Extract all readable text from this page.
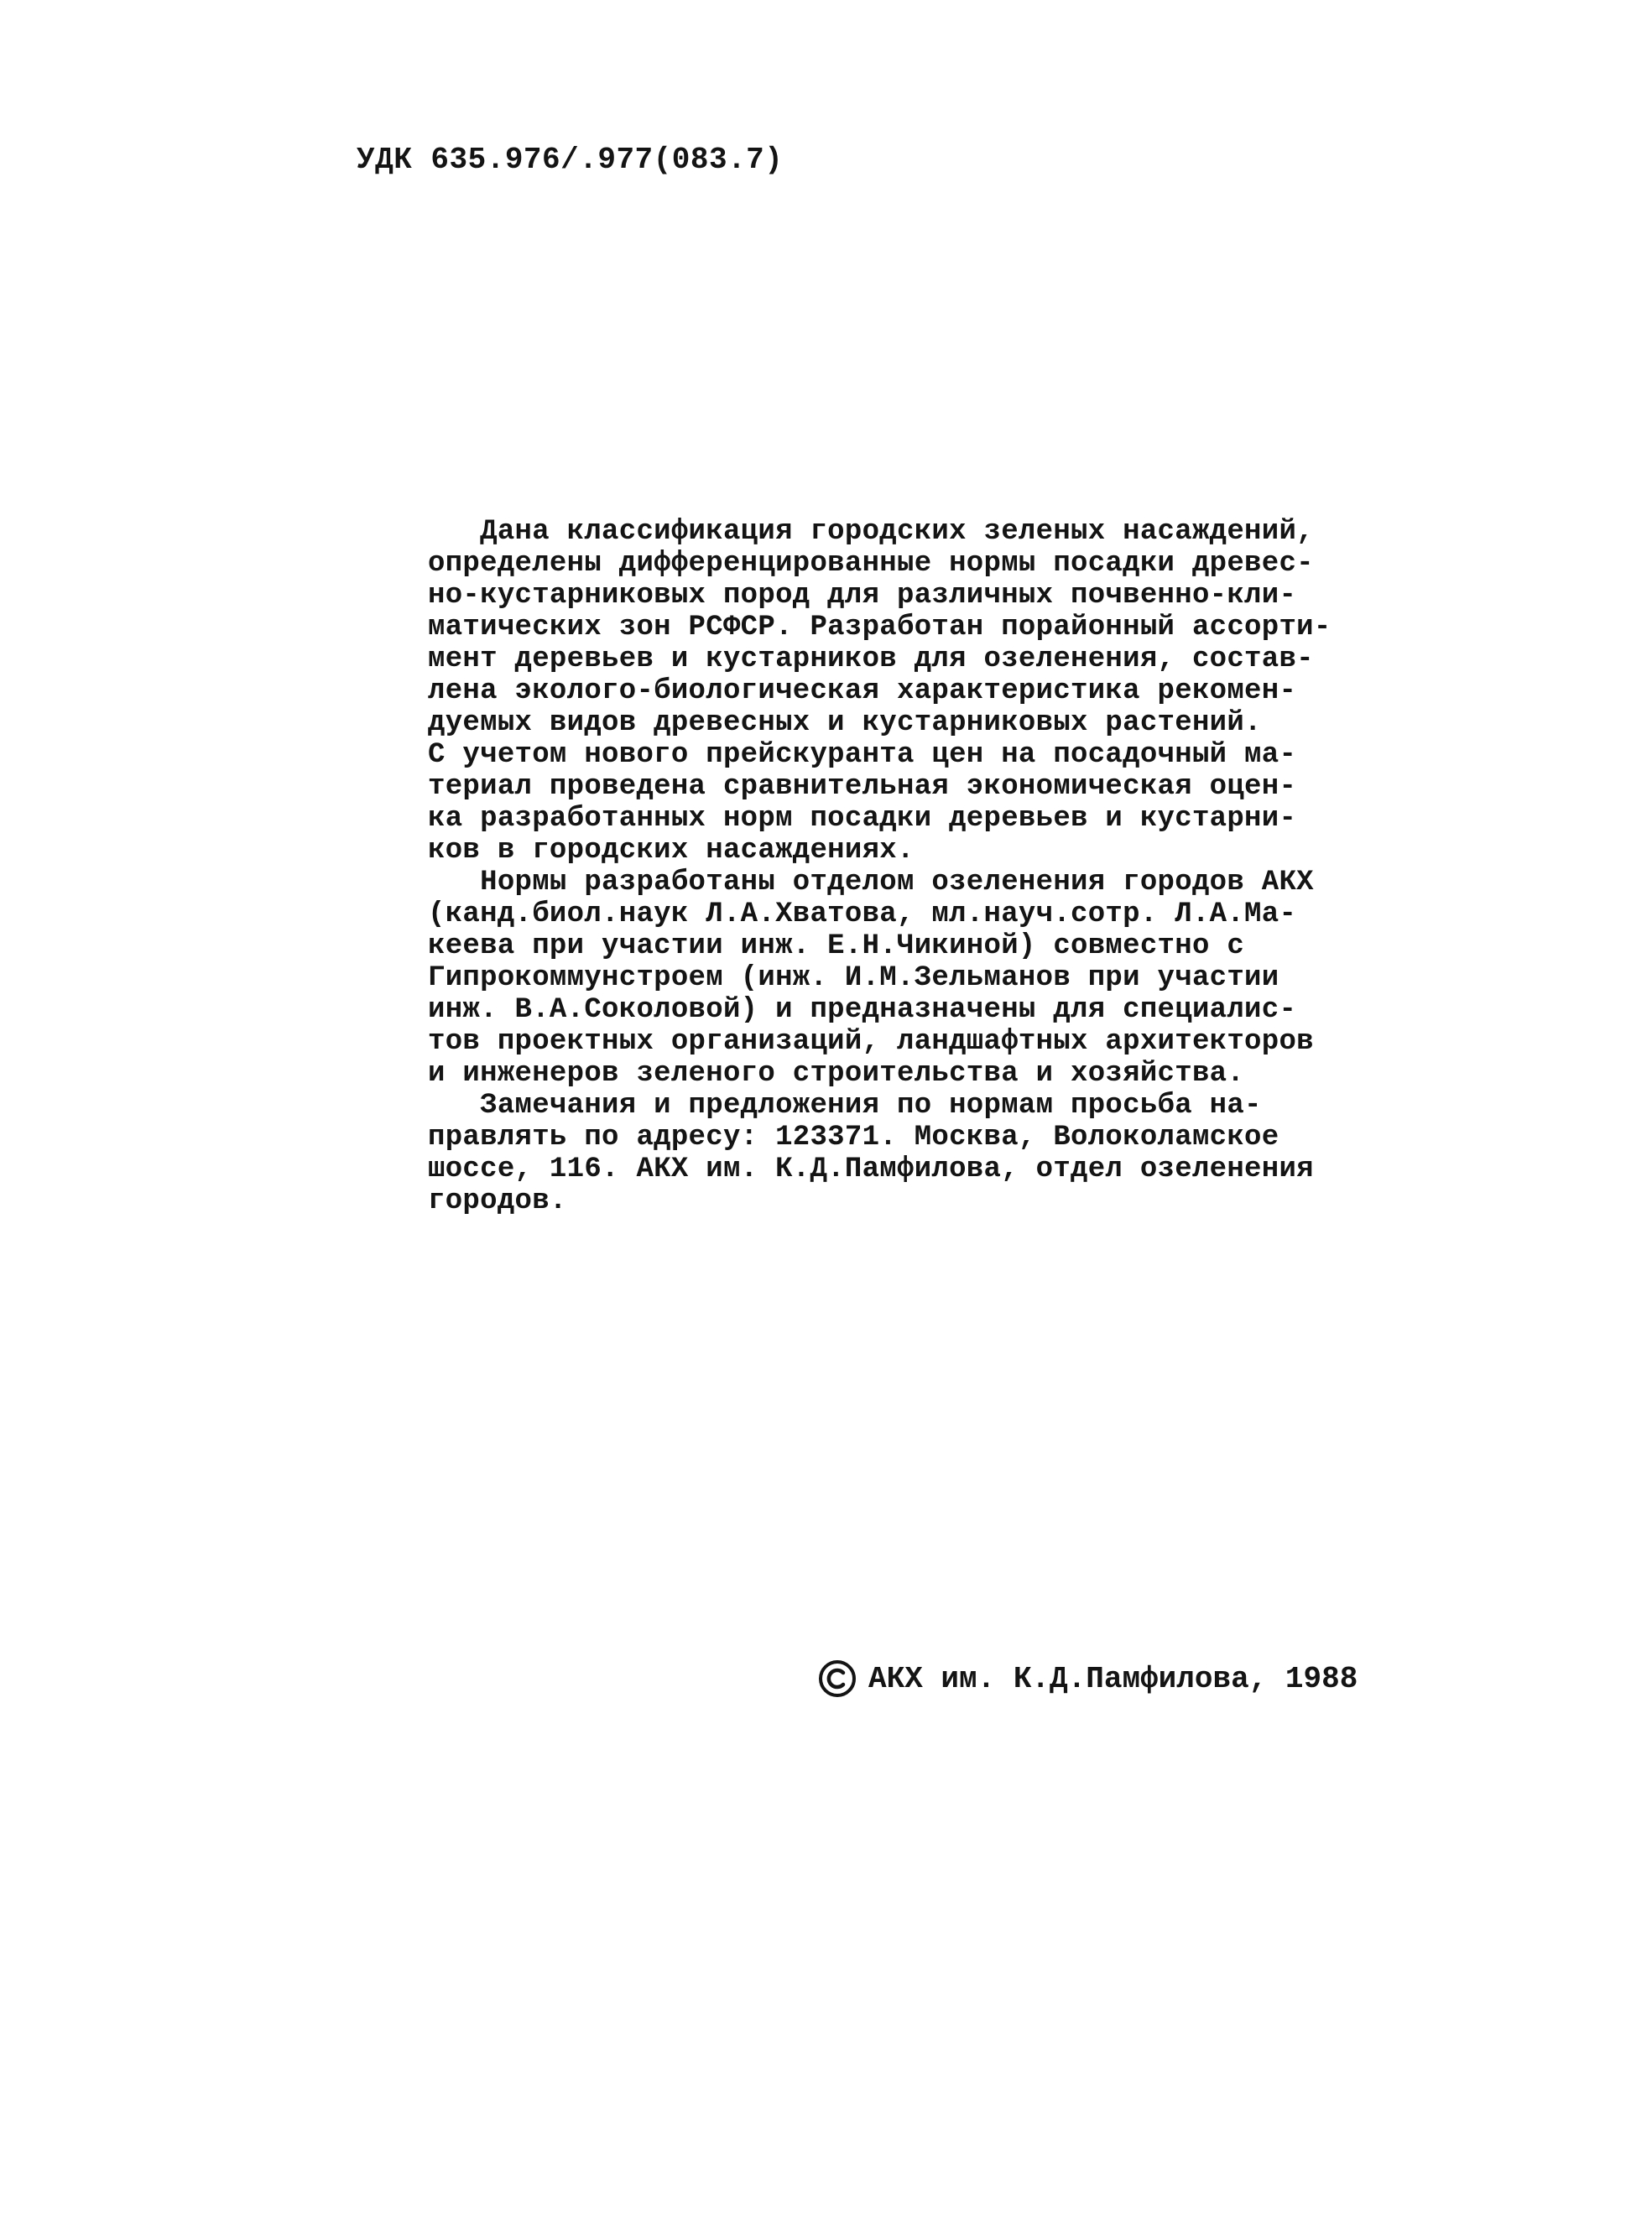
УДК 635.976/.977(083.7)
Дана классификация городских зеленых насаждений,
определены дифференцированные нормы посадки древес-
но-кустарниковых пород для различных почвенно-кли-
матических зон РСФСР. Разработан порайонный ассорти-
мент деревьев и кустарников для озеленения, состав-
лена эколого-биологическая характеристика рекомен-
дуемых видов древесных и кустарниковых растений.
С учетом нового прейскуранта цен на посадочный ма-
териал проведена сравнительная экономическая оцен-
ка разработанных норм посадки деревьев и кустарни-
ков в городских насаждениях.
Нормы разработаны отделом озеленения городов АКХ
(канд.биол.наук Л.А.Хватова, мл.науч.сотр. Л.А.Ма-
кеева при участии инж. Е.Н.Чикиной) совместно с
Гипрокоммунстроем (инж. И.М.Зельманов при участии
инж. В.А.Соколовой) и предназначены для специалис-
тов проектных организаций, ландшафтных архитекторов
и инженеров зеленого строительства и хозяйства.
Замечания и предложения по нормам просьба на-
правлять по адресу: 123371. Москва, Волоколамское
шоссе, 116. АКХ им. К.Д.Памфилова, отдел озеленения
городов.
АКХ им. К.Д.Памфилова, 1988
